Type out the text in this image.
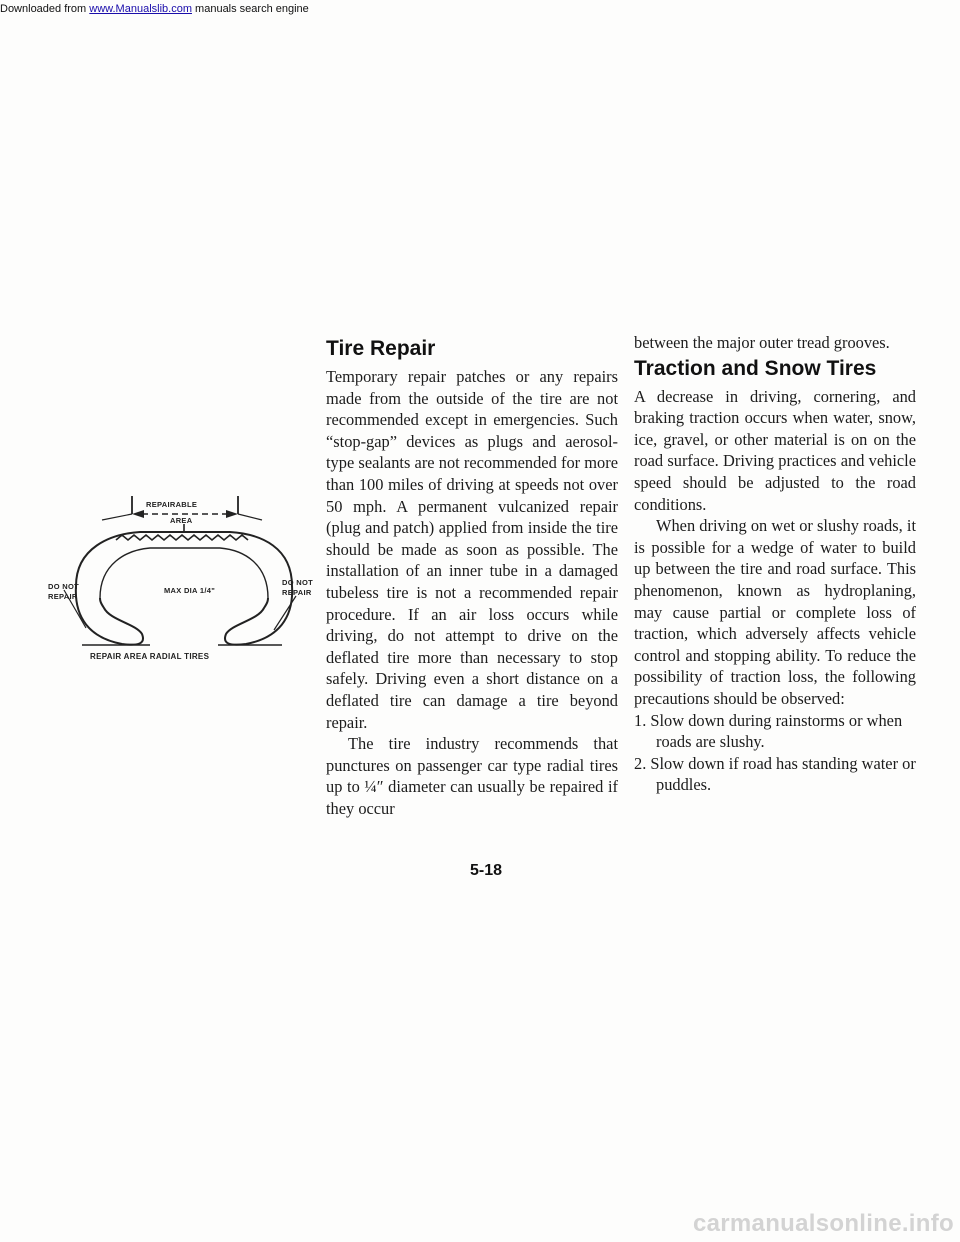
Downloaded from www.Manualslib.com manuals search engine
REPAIRABLE
AREA
DO NOT
REPAIR
DO NOT
REPAIR
MAX DIA 1/4"
REPAIR AREA RADIAL TIRES
Tire Repair

Temporary repair patches or any repairs made from the outside of the tire are not recommended except in emergencies. Such “stop-gap” devices as plugs and aerosol-type sealants are not recommended for more than 100 miles of driving at speeds not over 50 mph. A permanent vulcanized repair (plug and patch) applied from inside the tire should be made as soon as possible. The installation of an inner tube in a damaged tubeless tire is not a recommended repair procedure. If an air loss occurs while driving, do not attempt to drive on the deflated tire more than necessary to stop safely. Driving even a short distance on a deflated tire can damage a tire beyond repair.

The tire industry recommends that punctures on passenger car type radial tires up to ¼″ diameter can usually be repaired if they occur

between the major outer tread grooves.

Traction and Snow Tires

A decrease in driving, cornering, and braking traction occurs when water, snow, ice, gravel, or other material is on on the road surface. Driving practices and vehicle speed should be adjusted to the road conditions.

When driving on wet or slushy roads, it is possible for a wedge of water to build up between the tire and road surface. This phenomenon, known as hydroplaning, may cause partial or complete loss of traction, which adversely affects vehicle control and stopping ability. To reduce the possibility of traction loss, the following precautions should be observed:

1. Slow down during rainstorms or when roads are slushy.
2. Slow down if road has standing water or puddles.
5-18
carmanualsonline.info
